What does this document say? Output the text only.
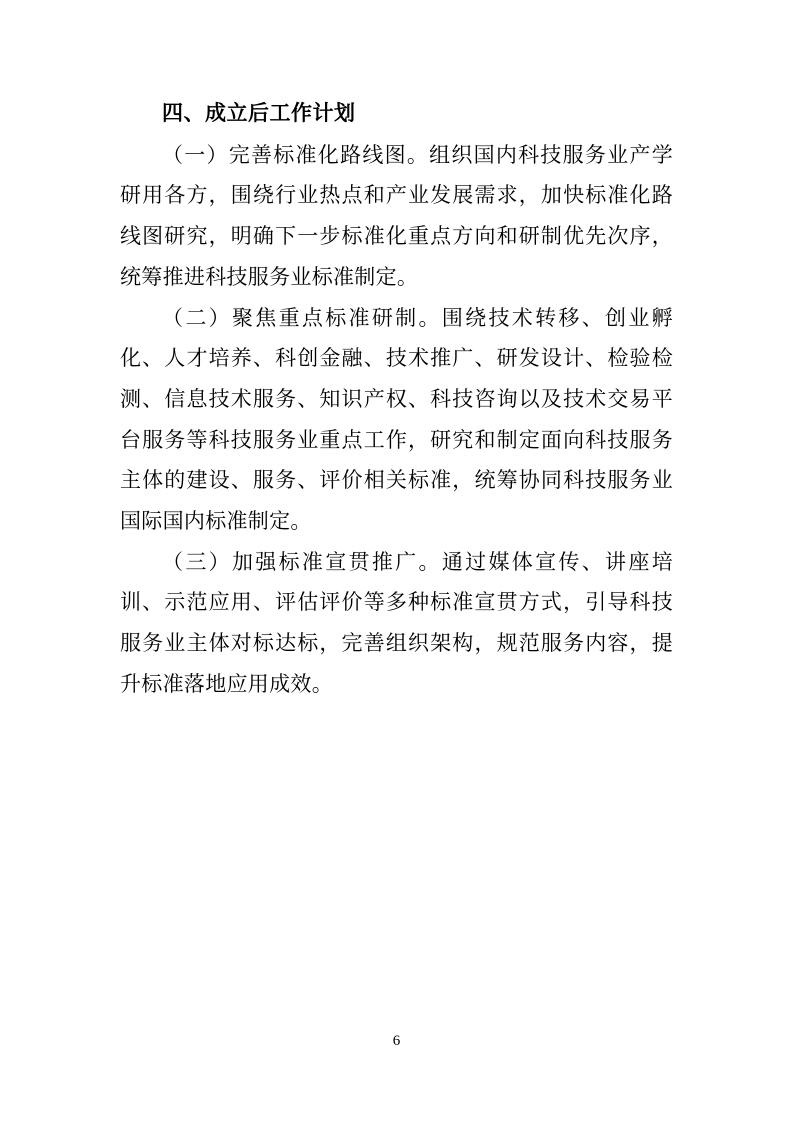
四、成立后工作计划

（一）完善标准化路线图。组织国内科技服务业产学研用各方，围绕行业热点和产业发展需求，加快标准化路线图研究，明确下一步标准化重点方向和研制优先次序，统筹推进科技服务业标准制定。

（二）聚焦重点标准研制。围绕技术转移、创业孵化、人才培养、科创金融、技术推广、研发设计、检验检测、信息技术服务、知识产权、科技咨询以及技术交易平台服务等科技服务业重点工作，研究和制定面向科技服务主体的建设、服务、评价相关标准，统筹协同科技服务业国际国内标准制定。

（三）加强标准宣贯推广。通过媒体宣传、讲座培训、示范应用、评估评价等多种标准宣贯方式，引导科技服务业主体对标达标，完善组织架构，规范服务内容，提升标准落地应用成效。

6
